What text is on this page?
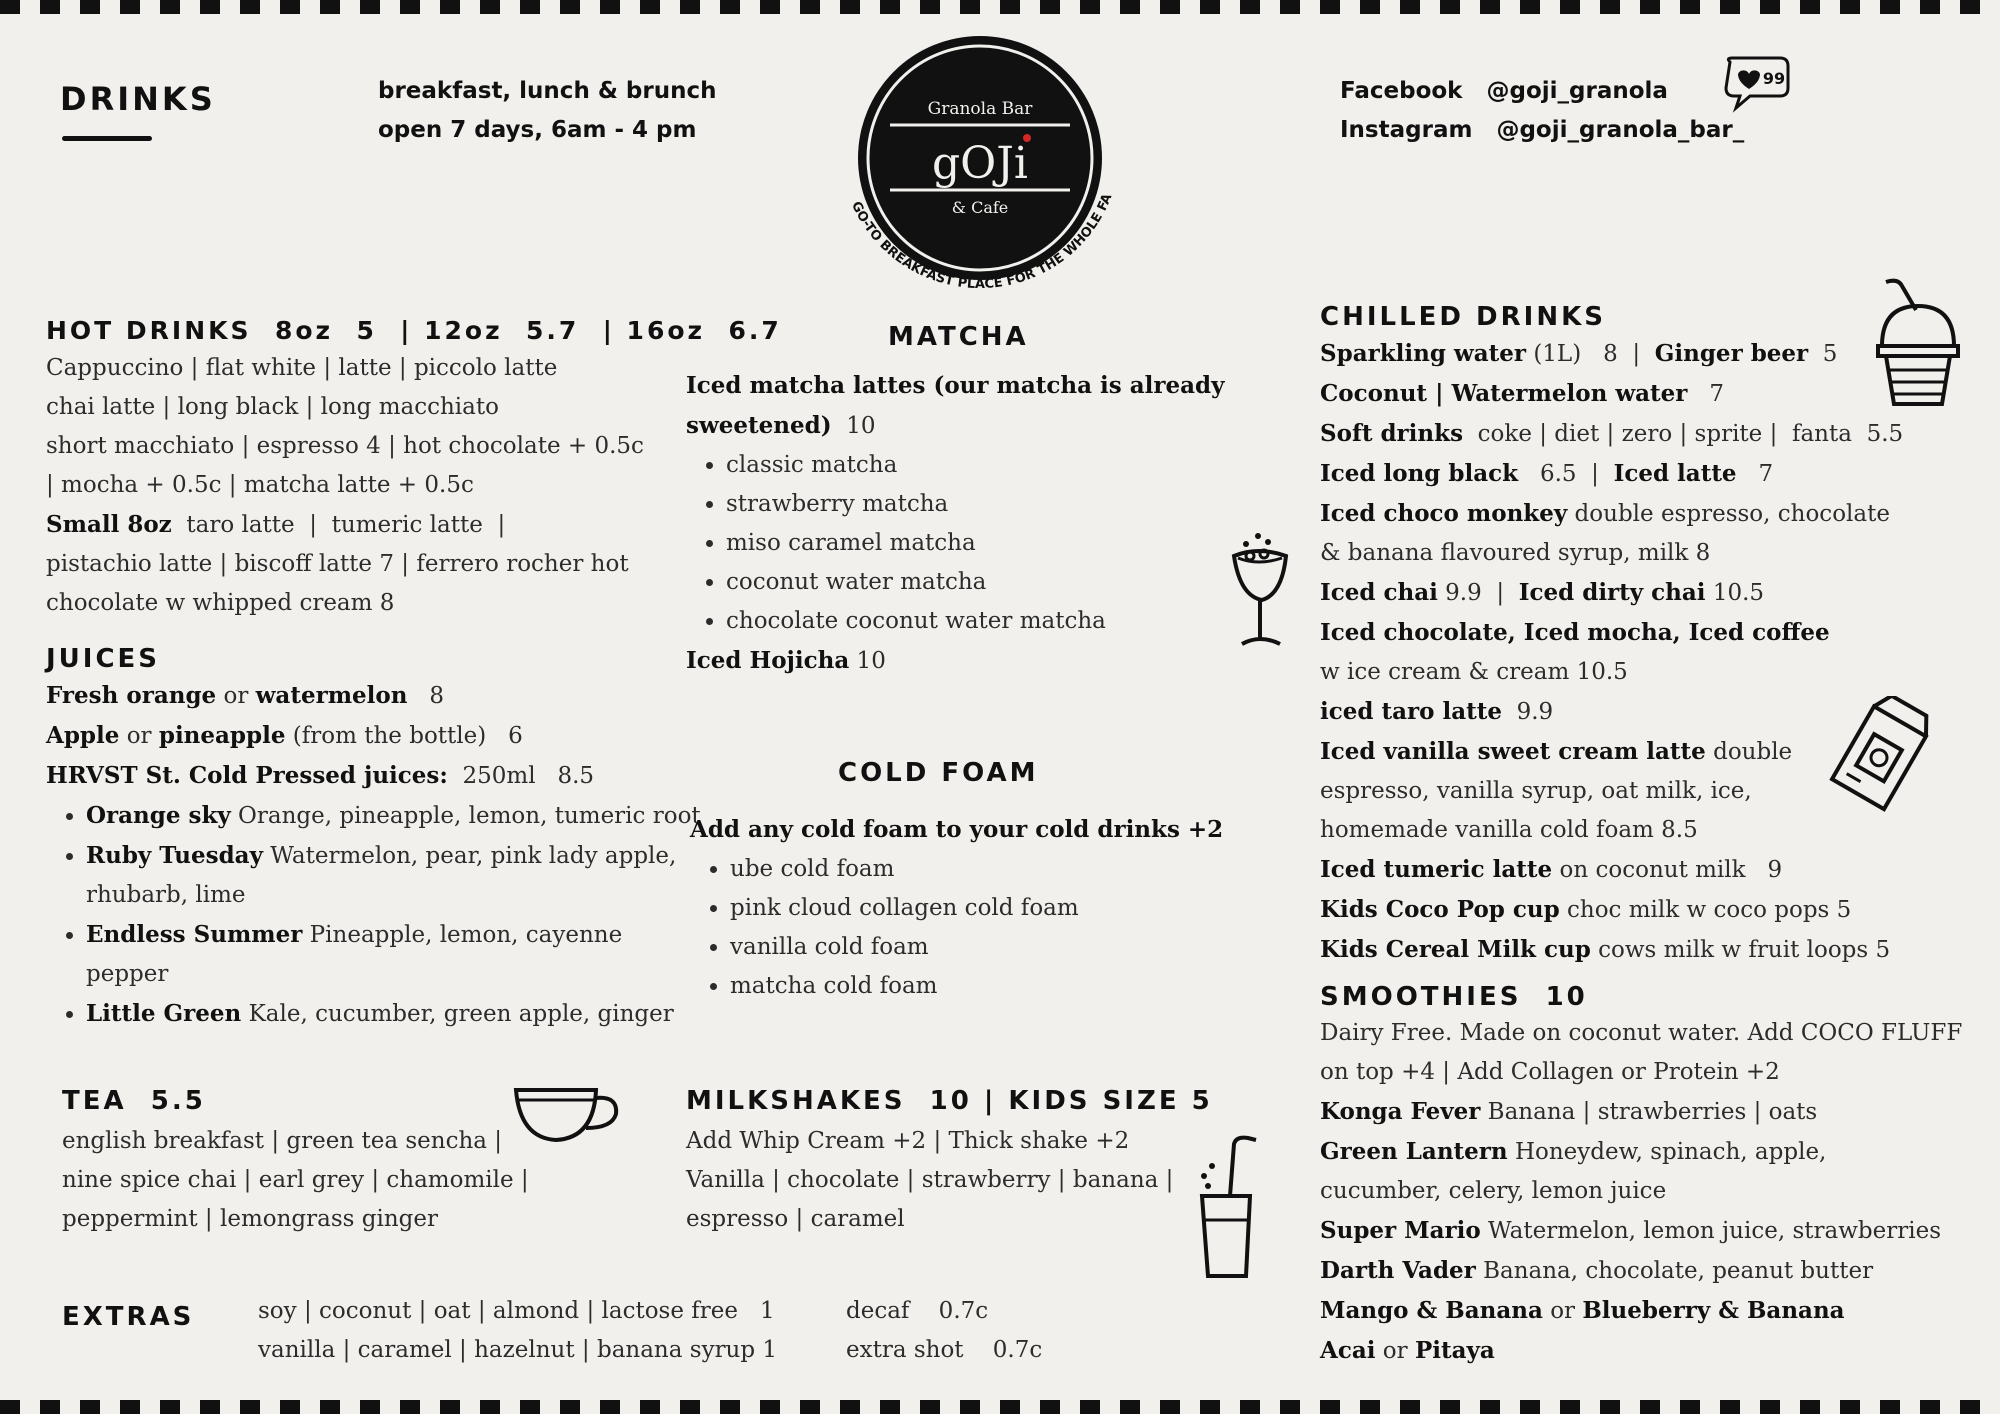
DRINKS	breakfast, lunch & brunch
open 7 days, 6am - 4 pm
Granola Bar
gOJi
& Cafe
GO-TO BREAKFAST PLACE FOR THE WHOLE FA
Facebook @goji_granola
Instagram @goji_granola_bar_
99
HOT DRINKS  8oz  5  | 12oz  5.7  | 16oz  6.7

Cappuccino | flat white | latte | piccolo latte
chai latte | long black | long macchiato
short macchiato | espresso 4 | hot chocolate + 0.5c
| mocha + 0.5c | matcha latte + 0.5c
Small 8oz  taro latte  |  tumeric latte  |
pistachio latte | biscoff latte 7 | ferrero rocher hot
chocolate w whipped cream 8

JUICES

Fresh orange or watermelon   8
Apple or pineapple (from the bottle)   6
HRVST St. Cold Pressed juices:  250ml   8.5

• Orange sky Orange, pineapple, lemon, tumeric root
• Ruby Tuesday Watermelon, pear, pink lady apple, rhubarb, lime
• Endless Summer Pineapple, lemon, cayenne pepper
• Little Green Kale, cucumber, green apple, ginger
TEA  5.5

english breakfast | green tea sencha |
nine spice chai | earl grey | chamomile |
peppermint | lemongrass ginger

EXTRAS	soy | coconut | oat | almond | lactose free   1
vanilla | caramel | hazelnut | banana syrup 1
decaf    0.7c
extra shot    0.7c
MATCHA

Iced matcha lattes (our matcha is already sweetened)  10

• classic matcha
• strawberry matcha
• miso caramel matcha
• coconut water matcha
• chocolate coconut water matcha

Iced Hojicha 10

COLD FOAM

Add any cold foam to your cold drinks +2

• ube cold foam
• pink cloud collagen cold foam
• vanilla cold foam
• matcha cold foam
MILKSHAKES  10 | KIDS SIZE 5

Add Whip Cream +2 | Thick shake +2
Vanilla | chocolate | strawberry | banana |
espresso | caramel

CHILLED DRINKS

Sparkling water (1L)   8  |  Ginger beer  5
Coconut | Watermelon water   7
Soft drinks  coke | diet | zero | sprite |  fanta  5.5
Iced long black   6.5  |  Iced latte   7
Iced choco monkey double espresso, chocolate
& banana flavoured syrup, milk 8
Iced chai 9.9  |  Iced dirty chai 10.5
Iced chocolate, Iced mocha, Iced coffee
w ice cream & cream 10.5
iced taro latte  9.9
Iced vanilla sweet cream latte double
espresso, vanilla syrup, oat milk, ice,
homemade vanilla cold foam 8.5
Iced tumeric latte on coconut milk   9
Kids Coco Pop cup choc milk w coco pops 5
Kids Cereal Milk cup cows milk w fruit loops 5

SMOOTHIES  10

Dairy Free. Made on coconut water. Add COCO FLUFF
on top +4 | Add Collagen or Protein +2
Konga Fever Banana | strawberries | oats
Green Lantern Honeydew, spinach, apple,
cucumber, celery, lemon juice
Super Mario Watermelon, lemon juice, strawberries
Darth Vader Banana, chocolate, peanut butter
Mango & Banana or Blueberry & Banana
Acai or Pitaya
